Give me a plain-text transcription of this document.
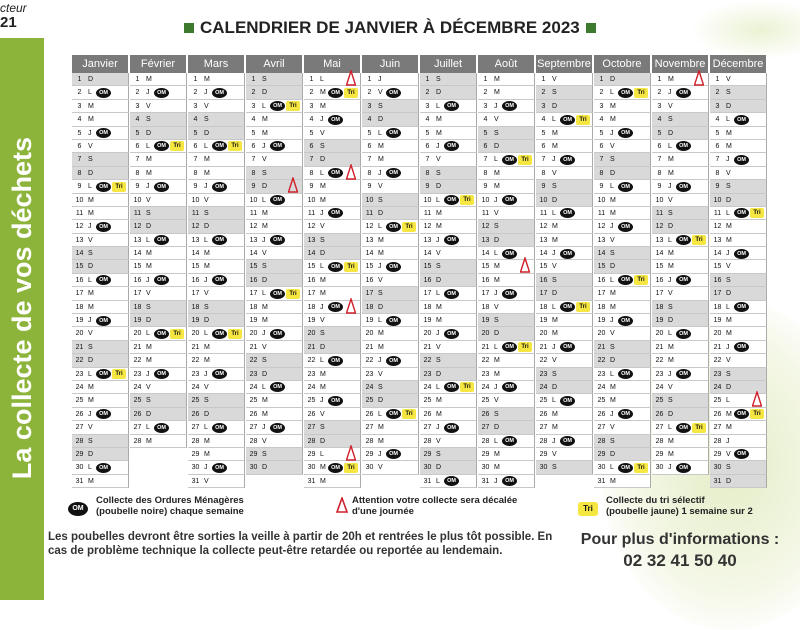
cteur
21
La collecte de vos déchets
CALENDRIER DE JANVIER À DÉCEMBRE 2023
Janvier
1 D
2 L	OM
3 M
4 M
5 J	OM
6 V
7 S
8 D
9 L	OM	Tri
10 M
11 M
12 J	OM
13 V
14 S
15 D
16 L	OM
17 M
18 M
19 J	OM
20 V
21 S
22 D
23 L	OM	Tri
24 M
25 M
26 J	OM
27 V
28 S
29 D
30 L	OM
31 M
Février
1 M
2 J	OM
3 V
4 S
5 D
6 L	OM	Tri
7 M
8 M
9 J	OM
10 V
11 S
12 D
13 L	OM
14 M
15 M
16 J	OM
17 V
18 S
19 D
20 L	OM	Tri
21 M
22 M
23 J	OM
24 V
25 S
26 D
27 L	OM
28 M
Mars
1 M
2 J	OM
3 V
4 S
5 D
6 L	OM	Tri
7 M
8 M
9 J	OM
10 V
11 S
12 D
13 L	OM
14 M
15 M
16 J	OM
17 V
18 S
19 D
20 L	OM	Tri
21 M
22 M
23 J	OM
24 V
25 S
26 D
27 L	OM
28 M
29 M
30 J	OM
31 V
Avril
1 S
2 D
3 L	OM	Tri
4 M
5 M
6 J	OM
7 V
8 S
9 D
10 L	OM
11 M
12 M
13 J	OM
14 V
15 S
16 D
17 L	OM	Tri
18 M
19 M
20 J	OM
21 V
22 S
23 D
24 L	OM
25 M
26 M
27 J	OM
28 V
29 S
30 D
Mai
1 L
2 M OM	Tri
3 M
4 J	OM
5 V
6 S
7 D
8 L	OM
9 M
10 M
11 J	OM
12 V
13 S
14 D
15 L	OM	Tri
16 M
17 M
18 J	OM
19 V
20 S
21 D
22 L	OM
23 M
24 M
25 J	OM
26 V
27 S
28 D
29 L
30 M OM	Tri
31 M
Juin
1 J
2 V	OM
3 S
4 D
5 L	OM
6 M
7 M
8 J	OM
9 V
10 S
11 D
12 L	OM	Tri
13 M
14 M
15 J	OM
16 V
17 S
18 D
19 L	OM
20 M
21 M
22 J	OM
23 V
24 S
25 D
26 L	OM	Tri
27 M
28 M
29 J	OM
30 V
Juillet
1 S
2 D
3 L	OM
4 M
5 M
6 J	OM
7 V
8 S
9 D
10 L	OM	Tri
11 M
12 M
13 J	OM
14 V
15 S
16 D
17 L	OM
18 M
19 M
20 J	OM
21 V
22 S
23 D
24 L	OM	Tri
25 M
26 M
27 J	OM
28 V
29 S
30 D
31 L	OM
Août
1 M
2 M
3 J	OM
4 V
5 S
6 D
7 L	OM	Tri
8 M
9 M
10 J	OM
11 V
12 S
13 D
14 L	OM
15 M
16 M
17 J	OM
18 V
19 S
20 D
21 L	OM	Tri
22 M
23 M
24 J	OM
25 V
26 S
27 D
28 L	OM
29 M
30 M
31 J	OM
Septembre
1 V
2 S
3 D
4 L	OM	Tri
5 M
6 M
7 J	OM
8 V
9 S
10 D
11 L	OM
12 M
13 M
14 J	OM
15 V
16 S
17 D
18 L	OM	Tri
19 M
20 M
21 J	OM
22 V
23 S
24 D
25 L	OM
26 M
27 M
28 J	OM
29 V
30 S
Octobre
1 D
2 L	OM	Tri
3 M
4 M
5 J	OM
6 V
7 S
8 D
9 L	OM
10 M
11 M
12 J	OM
13 V
14 S
15 D
16 L	OM	Tri
17 M
18 M
19 J	OM
20 V
21 S
22 D
23 L	OM
24 M
25 M
26 J	OM
27 V
28 S
29 D
30 L	OM	Tri
31 M
Novembre
1 M
2 J	OM
3 V
4 S
5 D
6 L	OM
7 M
8 M
9 J	OM
10 V
11 S
12 D
13 L	OM	Tri
14 M
15 M
16 J	OM
17 V
18 S
19 D
20 L	OM
21 M
22 M
23 J	OM
24 V
25 S
26 D
27 L	OM	Tri
28 M
29 M
30 J	OM
Décembre
1 V
2 S
3 D
4 L	OM
5 M
6 M
7 J	OM
8 V
9 S
10 D
11 L	OM	Tri
12 M
13 M
14 J	OM
15 V
16 S
17 D
18 L	OM
19 M
20 M
21 J	OM
22 V
23 S
24 D
25 L
26 M OM	Tri
27 M
28 J
29 V	OM
30 S
31 D
OM
Collecte des Ordures Ménagères
(poubelle noire) chaque semaine
Attention votre collecte sera décalée
d'une journée	Tri
Collecte du tri sélectif
(poubelle jaune) 1 semaine sur 2
Les poubelles devront être sorties la veille à partir de 20h et rentrées le plus tôt possible. En cas de problème technique la collecte peut-être retardée ou reportée au lendemain.
Pour plus d'informations :
02 32 41 50 40
